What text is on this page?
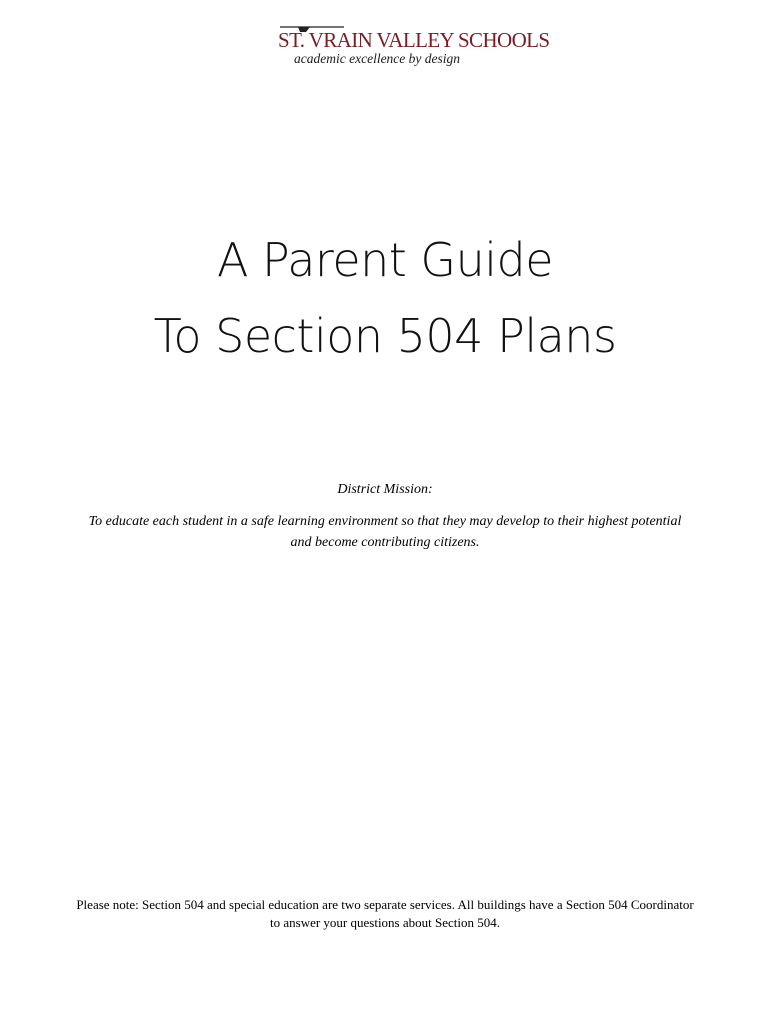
ST. VRAIN VALLEY SCHOOLS
academic excellence by design
A Parent Guide
To Section 504 Plans
District Mission:
To educate each student in a safe learning environment so that they may develop to their highest potential and become contributing citizens.
Please note: Section 504 and special education are two separate services. All buildings have a Section 504 Coordinator to answer your questions about Section 504.
